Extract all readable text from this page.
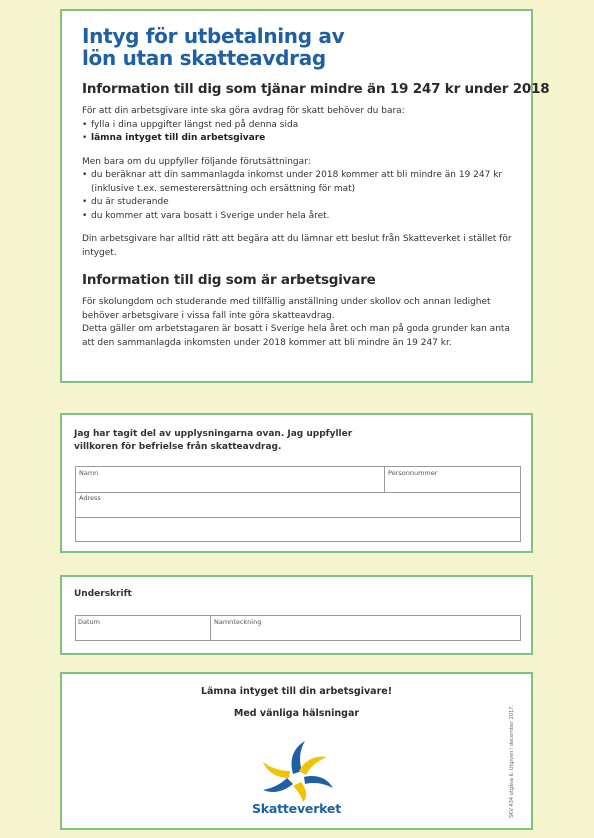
Intyg för utbetalning av
lön utan skatteavdrag
Information till dig som tjänar mindre än 19 247 kr under 2018

För att din arbetsgivare inte ska göra avdrag för skatt behöver du bara:

• fylla i dina uppgifter längst ned på denna sida
• lämna intyget till din arbetsgivare

Men bara om du uppfyller följande förutsättningar:

• du beräknar att din sammanlagda inkomst under 2018 kommer att bli mindre än 19 247 kr (inklusive t.ex. semesterersättning och ersättning för mat)
• du är studerande
• du kommer att vara bosatt i Sverige under hela året.

Din arbetsgivare har alltid rätt att begära att du lämnar ett beslut från Skatteverket i stället för intyget.

Information till dig som är arbetsgivare

För skolungdom och studerande med tillfällig anställning under skollov och annan ledighet behöver arbetsgivare i vissa fall inte göra skatteavdrag.

Detta gäller om arbetstagaren är bosatt i Sverige hela året och man på goda grunder kan anta att den sammanlagda inkomsten under 2018 kommer att bli mindre än 19 247 kr.

Jag har tagit del av upplysningarna ovan. Jag uppfyller villkoren för befrielse från skatteavdrag.
Namn	Personnummer
Adress
Underskrift
Datum	Namnteckning
Lämna intyget till din arbetsgivare!
Med vänliga hälsningar
Skatteverket	SKV 434 utgåva 6. Utgiven i december 2017.
